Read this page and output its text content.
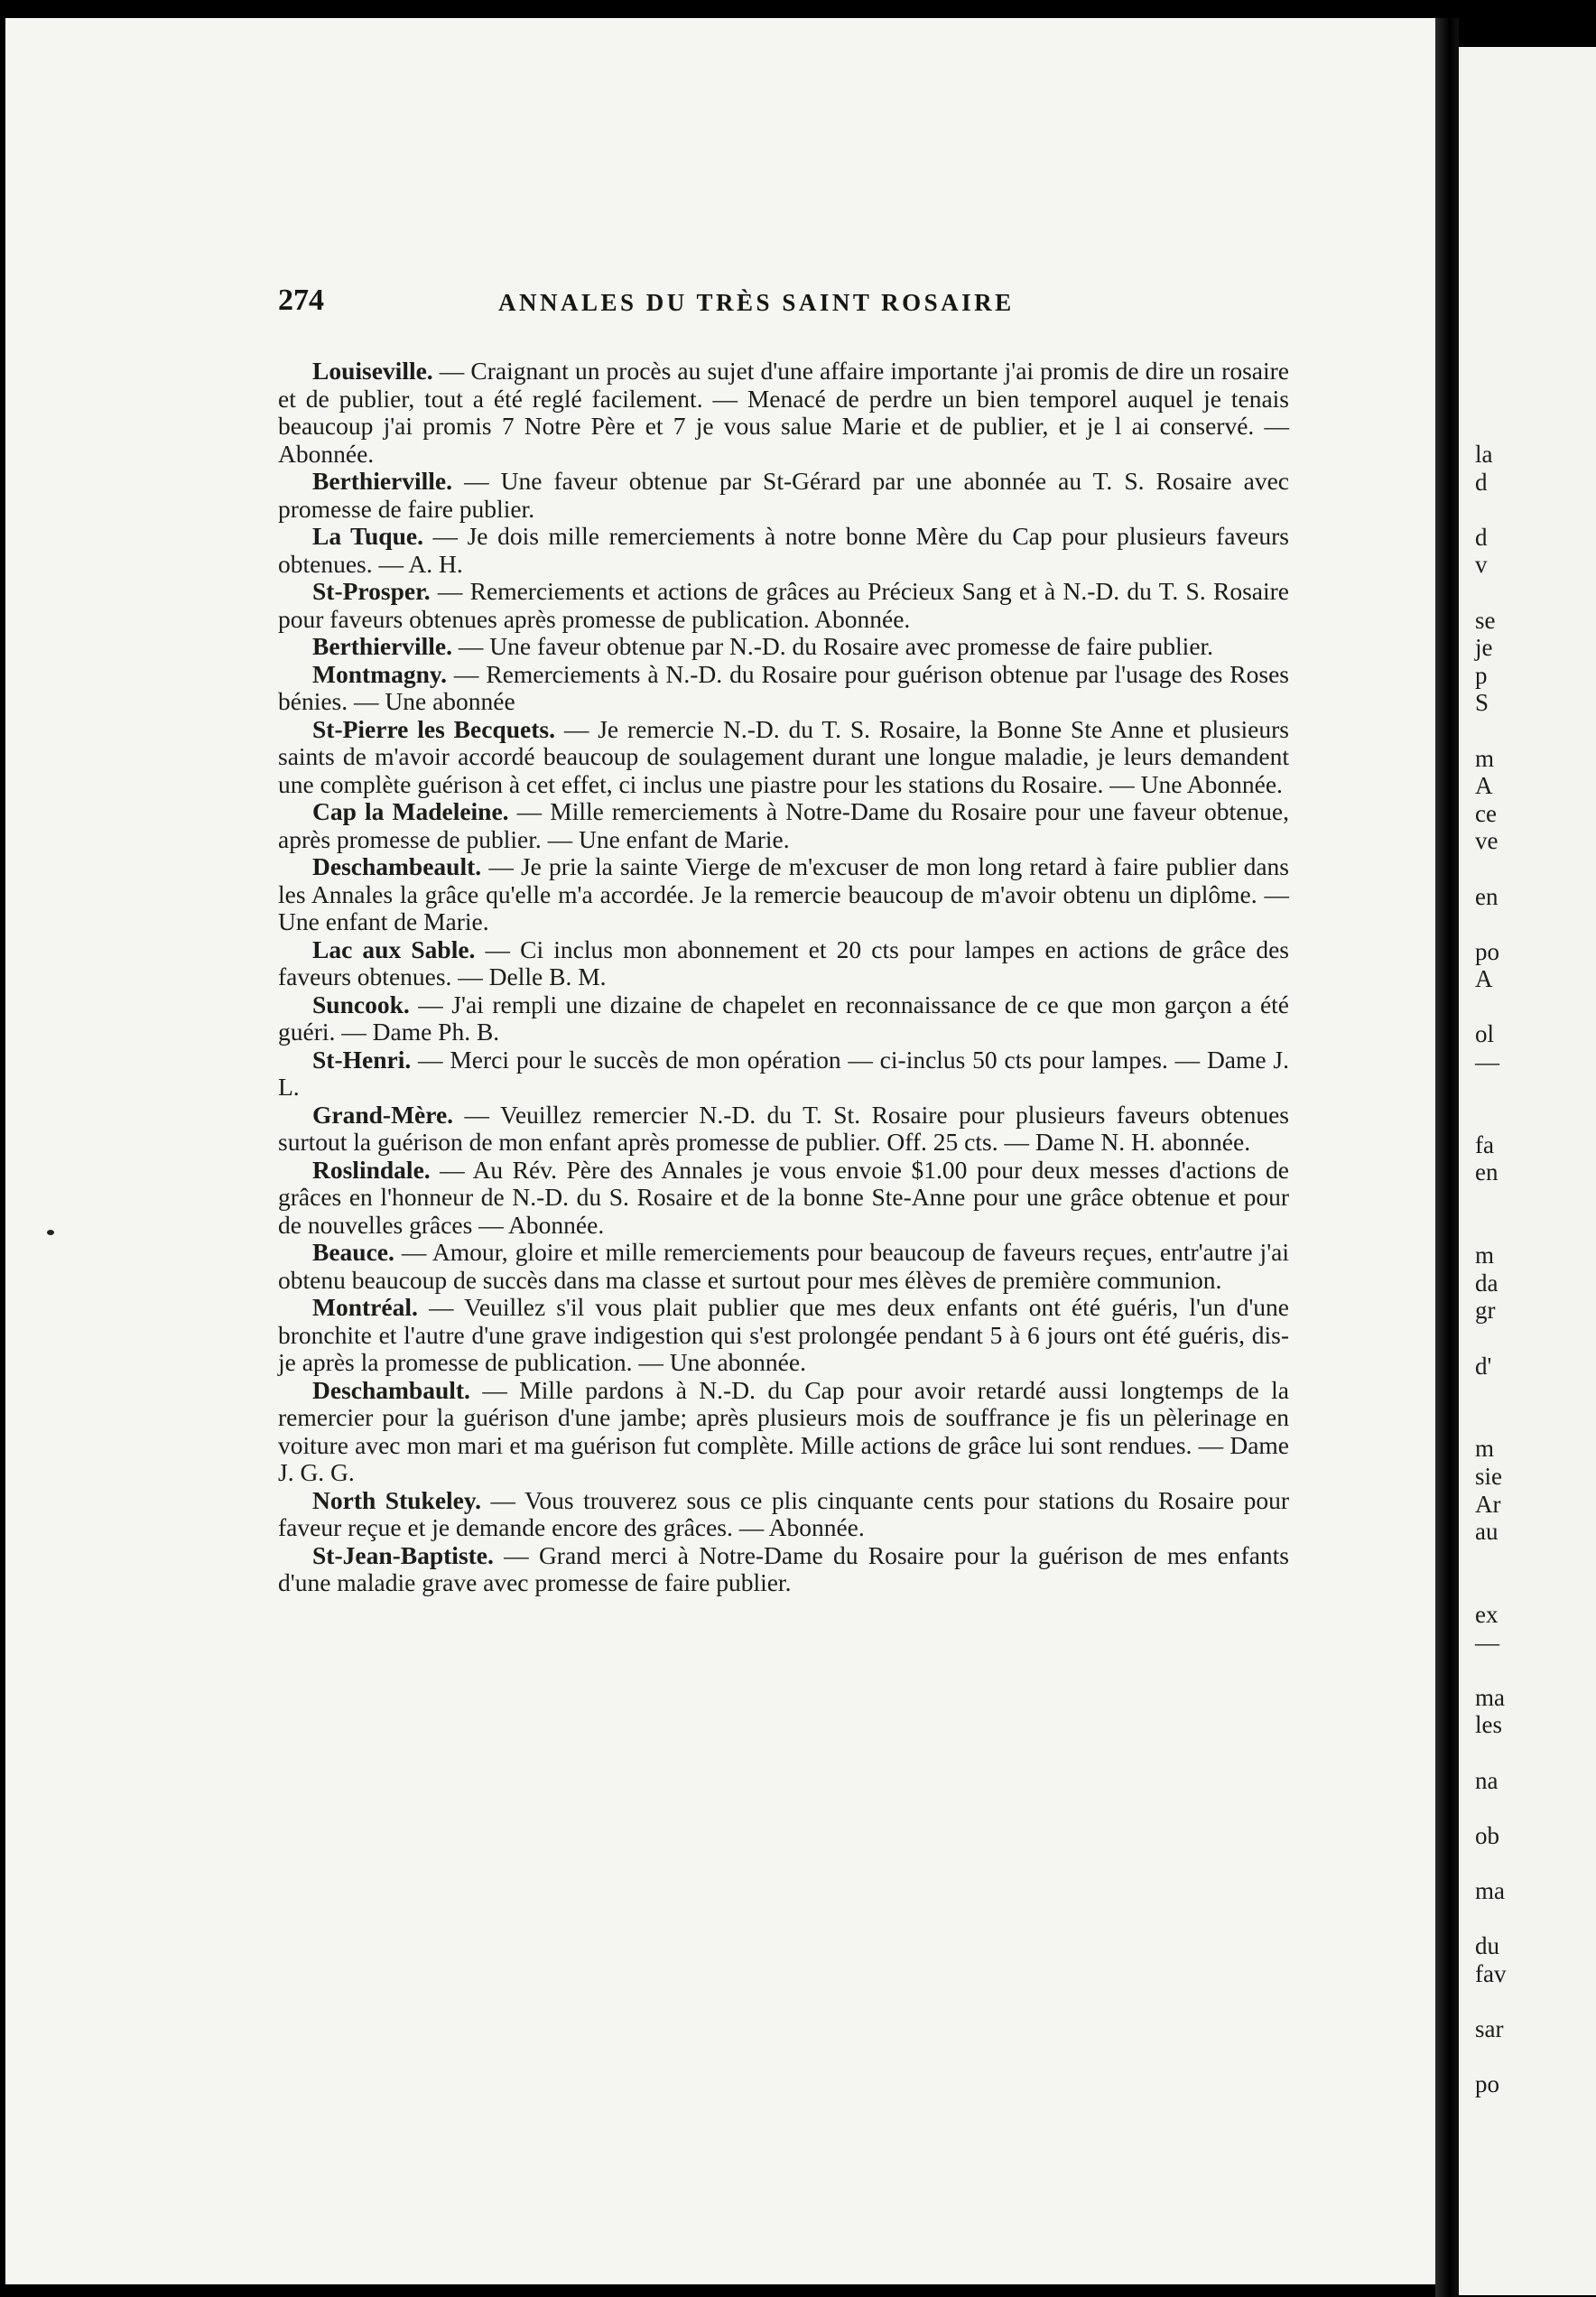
la
d

d
v

se
je
p
S

m
A
ce
ve

en

po
A

ol
—

fa
en

m
da
gr

d'

m
sie
Ar
au

ex
—

ma
les

na

ob

ma

du
fav

sar

po
274	ANNALES DU TRÈS SAINT ROSAIRE

Louiseville. — Craignant un procès au sujet d'une affaire importante j'ai promis de dire un rosaire et de publier, tout a été reglé facilement. — Menacé de perdre un bien temporel auquel je tenais beaucoup j'ai promis 7 Notre Père et 7 je vous salue Marie et de publier, et je l ai conservé. — Abonnée.

Berthierville. — Une faveur obtenue par St-Gérard par une abonnée au T. S. Rosaire avec promesse de faire publier.

La Tuque. — Je dois mille remerciements à notre bonne Mère du Cap pour plusieurs faveurs obtenues. — A. H.

St-Prosper. — Remerciements et actions de grâces au Précieux Sang et à N.-D. du T. S. Rosaire pour faveurs obtenues après promesse de publication. Abonnée.

Berthierville. — Une faveur obtenue par N.-D. du Rosaire avec promesse de faire publier.

Montmagny. — Remerciements à N.-D. du Rosaire pour guérison obtenue par l'usage des Roses bénies. — Une abonnée

St-Pierre les Becquets. — Je remercie N.-D. du T. S. Rosaire, la Bonne Ste Anne et plusieurs saints de m'avoir accordé beaucoup de soulagement durant une longue maladie, je leurs demandent une complète guérison à cet effet, ci inclus une piastre pour les stations du Rosaire. — Une Abonnée.

Cap la Madeleine. — Mille remerciements à Notre-Dame du Rosaire pour une faveur obtenue, après promesse de publier. — Une enfant de Marie.

Deschambeault. — Je prie la sainte Vierge de m'excuser de mon long retard à faire publier dans les Annales la grâce qu'elle m'a accordée. Je la remercie beaucoup de m'avoir obtenu un diplôme. — Une enfant de Marie.

Lac aux Sable. — Ci inclus mon abonnement et 20 cts pour lampes en actions de grâce des faveurs obtenues. — Delle B. M.

Suncook. — J'ai rempli une dizaine de chapelet en reconnaissance de ce que mon garçon a été guéri. — Dame Ph. B.

St-Henri. — Merci pour le succès de mon opération — ci-inclus 50 cts pour lampes. — Dame J. L.

Grand-Mère. — Veuillez remercier N.-D. du T. St. Rosaire pour plusieurs faveurs obtenues surtout la guérison de mon enfant après promesse de publier. Off. 25 cts. — Dame N. H. abonnée.

Roslindale. — Au Rév. Père des Annales je vous envoie $1.00 pour deux messes d'actions de grâces en l'honneur de N.-D. du S. Rosaire et de la bonne Ste-Anne pour une grâce obtenue et pour de nouvelles grâces — Abonnée.

Beauce. — Amour, gloire et mille remerciements pour beaucoup de faveurs reçues, entr'autre j'ai obtenu beaucoup de succès dans ma classe et surtout pour mes élèves de première communion.

Montréal. — Veuillez s'il vous plait publier que mes deux enfants ont été guéris, l'un d'une bronchite et l'autre d'une grave indigestion qui s'est prolongée pendant 5 à 6 jours ont été guéris, dis-je après la promesse de publication. — Une abonnée.

Deschambault. — Mille pardons à N.-D. du Cap pour avoir retardé aussi longtemps de la remercier pour la guérison d'une jambe; après plusieurs mois de souffrance je fis un pèlerinage en voiture avec mon mari et ma guérison fut complète. Mille actions de grâce lui sont rendues. — Dame J. G. G.

North Stukeley. — Vous trouverez sous ce plis cinquante cents pour stations du Rosaire pour faveur reçue et je demande encore des grâces. — Abonnée.

St-Jean-Baptiste. — Grand merci à Notre-Dame du Rosaire pour la guérison de mes enfants d'une maladie grave avec promesse de faire publier.
